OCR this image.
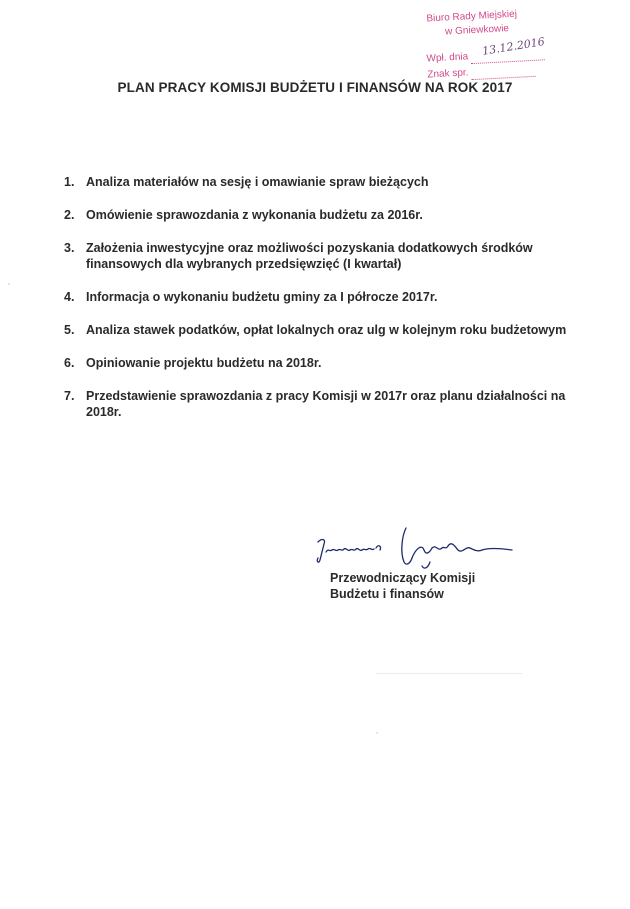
Biuro Rady Miejskiej
w Gniewkowie
Wpł. dnia
13.12.2016
Znak spr.
PLAN PRACY KOMISJI BUDŻETU I FINANSÓW NA ROK 2017
1. Analiza materiałów na sesję i omawianie spraw bieżących
2. Omówienie sprawozdania z wykonania budżetu za 2016r.
3. Założenia inwestycyjne oraz możliwości pozyskania dodatkowych środków finansowych dla wybranych przedsięwzięć (I kwartał)
4. Informacja o wykonaniu budżetu gminy za I półrocze 2017r.
5. Analiza stawek podatków, opłat lokalnych oraz ulg w kolejnym roku budżetowym
6. Opiniowanie projektu budżetu na 2018r.
7. Przedstawienie sprawozdania z pracy Komisji w 2017r oraz planu działalności na 2018r.
Przewodniczący Komisji
Budżetu i finansów
